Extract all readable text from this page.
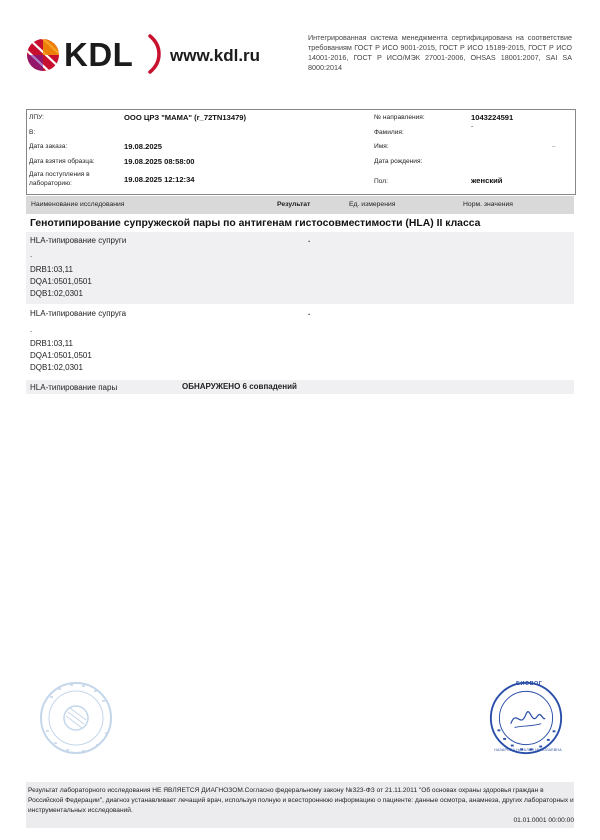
KDL www.kdl.ru
Интегрированная система менеджмента сертифицирована на соответствие требованиям ГОСТ Р ИСО 9001-2015, ГОСТ Р ИСО 15189-2015, ГОСТ Р ИСО 14001-2016, ГОСТ Р ИСО/МЭК 27001-2006, OHSAS 18001:2007, SAI SA 8000:2014
ЛПУ:	ООО ЦРЗ "МАМА" (r_72TN13479)
В:
Дата заказа:	19.08.2025
Дата взятия образца:	19.08.2025 08:58:00
Дата поступления в
лабораторию:	19.08.2025 12:12:34
№ направления:	1043224591
Фамилия:
-
Имя:	..
Дата рождения:
Пол:	женский
Наименование исследования	Результат	Ед. измерения	Норм. значения
Генотипирование супружеской пары по антигенам гистосовместимости (HLA) II класса
HLA-типирование супруги	.
.
DRB1:03,11
DQA1:0501,0501
DQB1:02,0301
HLA-типирование супруга	.
.
DRB1:03,11
DQA1:0501,0501
DQB1:02,0301
HLA-типирование пары	ОБНАРУЖЕНО 6 совпадений
БИОВОГ
НАЗАРОВА НАТАЛЬЯ НИКОЛАЕВНА
Результат лабораторного исследования НЕ ЯВЛЯЕТСЯ ДИАГНОЗОМ.Согласно федеральному закону №323-ФЗ от 21.11.2011 "Об основах охраны здоровья граждан в Российской Федерации", диагноз устанавливает лечащий врач, используя полную и всестороннюю информацию о пациенте: данные осмотра, анамнеза, других лабораторных и инструментальных исследований.
01.01.0001 00:00:00
